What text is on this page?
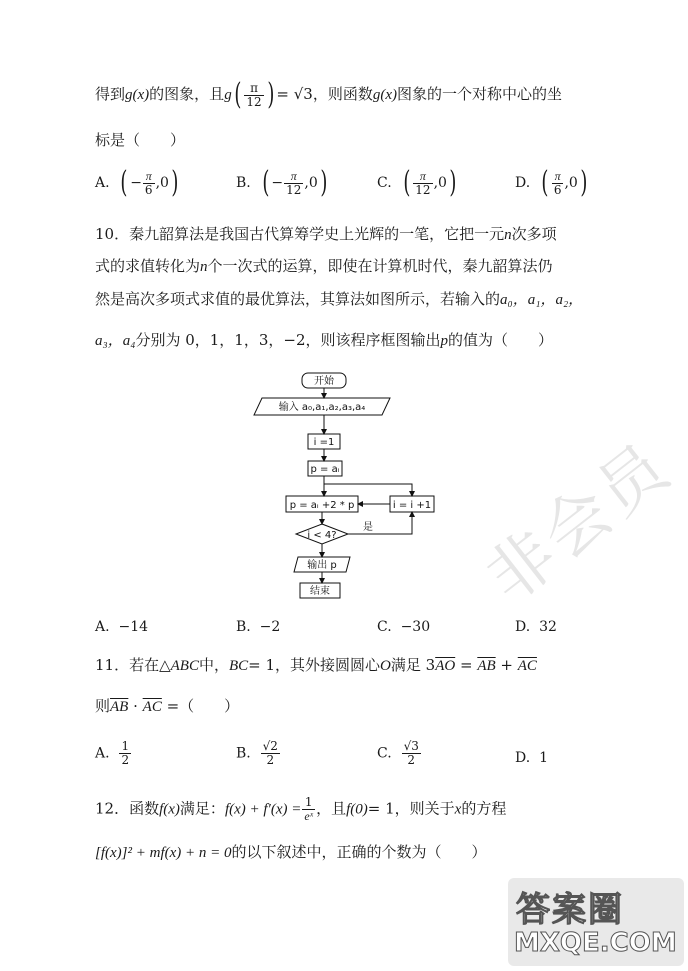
得到g(x)的图象，且$g( \frac{\pi}{12}$ ) = √3，则函数g(x)图象的一个对称中心的坐
标是（　　）
A. ( − $\frac{\pi}{6} ,0$)	B. ( − $\frac{\pi}{12} ,0$)	C. ( $\frac{\pi}{12} ,0$)	D. ( $\frac{\pi}{6} ,0$)
10．秦九韶算法是我国古代算筹学史上光辉的一笔，它把一元n次多项
式的求值转化为n个一次式的运算，即使在计算机时代，秦九韶算法仍
然是高次多项式求值的最优算法，其算法如图所示，若输入的a₀，a₁，a₂，
a₃，a₄分别为 0，1，1，3，−2，则该程序框图输出p的值为（　　）
开始
输入 a₀,a₁,a₂,a₃,a₄
i =1
p = aᵢ
p = aᵢ +2 * p	i = i +1
i < 4?
是
输出 p
结束
A. −14	B. −2	C. −30	D. 32
11．若在△ABC中，BC= 1，其外接圆圆心O满足 $3\overline{AO} = \overline{AB} + \overline{AC}$
则$\overline{AB} \cdot \overline{AC}$ =（　　）
A. $\frac{1}{2}$	B. $\frac{√2}{2}$	C. $\frac{√3}{2}$	D. 1
12．函数f(x)满足：$f(x) + f'(x) = \frac{1}{\text{eˣ}}$ ，且f(0)= 1，则关于x的方程
[f(x)]² + mf(x) + n = 0的以下叙述中，正确的个数为（　　）
非会员
答案圈
MXQE.COM
